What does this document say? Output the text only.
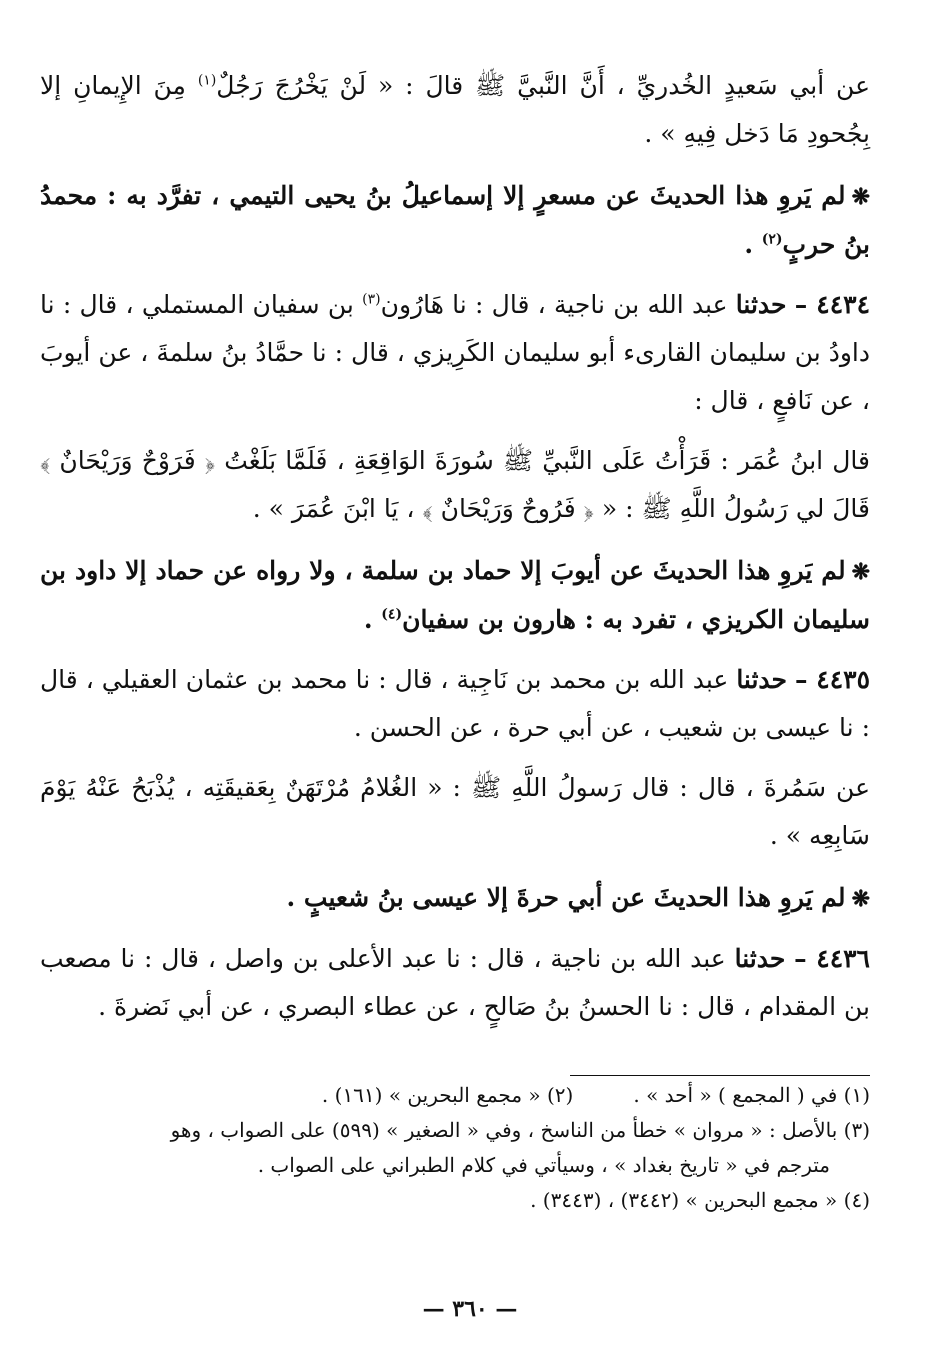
عن أبي سَعيدٍ الخُدريِّ ، أَنَّ النَّبيَّ ﷺ قالَ : « لَنْ يَخْرُجَ رَجُلٌ$^{(١)}$ مِنَ الإِيمانِ إلا بِجُحودِ مَا دَخل فِيهِ » .

❋لم يَروِ هذا الحديثَ عن مسعرٍ إلا إسماعيلُ بنُ يحيى التيمي ، تفرَّد به : محمدُ بنُ حربٍ$^{(٢)}$ .

٤٤٣٤ – حدثنا عبد الله بن ناجية ، قال : نا هَارُون$^{(٣)}$ بن سفيان المستملي ، قال : نا داودُ بن سليمان القارىء أبو سليمان الكَرِيزي ، قال : نا حمَّادُ بنُ سلمةَ ، عن أيوبَ ، عن نَافعٍ ، قال :

قال ابنُ عُمَر : قَرَأْتُ عَلَى النَّبيِّ ﷺ سُورَةَ الوَاقِعَةِ ، فَلَمَّا بَلَغْتُ ﴿ فَرَوْحٌ وَرَيْحَانٌ ﴾ قَالَ لي رَسُولُ اللَّهِ ﷺ : « ﴿ فَرُوحٌ وَرَيْحَانٌ ﴾ ، يَا ابْنَ عُمَرَ » .

❋لم يَروِ هذا الحديثَ عن أيوبَ إلا حماد بن سلمة ، ولا رواه عن حماد إلا داود بن سليمان الكريزي ، تفرد به : هارون بن سفيان$^{(٤)}$ .

٤٤٣٥ – حدثنا عبد الله بن محمد بن نَاجِية ، قال : نا محمد بن عثمان العقيلي ، قال : نا عيسى بن شعيب ، عن أبي حرة ، عن الحسن .

عن سَمُرةَ ، قال : قال رَسولُ اللَّهِ ﷺ : « الغُلامُ مُرْتَهَنٌ بِعَقيقَتِه ، يُذْبَحُ عَنْهُ يَوْمَ سَابِعِه » .

❋لم يَروِ هذا الحديثَ عن أبي حرةَ إلا عيسى بنُ شعيبٍ .

٤٤٣٦ – حدثنا عبد الله بن ناجية ، قال : نا عبد الأعلى بن واصل ، قال : نا مصعب بن المقدام ، قال : نا الحسنُ بنُ صَالحٍ ، عن عطاء البصري ، عن أبي نَضرةَ .

(١) في ( المجمع ) « أحد » .
(٢) « مجمع البحرين » (١٦١) .
(٣) بالأصل : « مروان » خطأ من الناسخ ، وفي « الصغير » (٥٩٩) على الصواب ، وهو
مترجم في « تاريخ بغداد » ، وسيأتي في كلام الطبراني على الصواب .
(٤) « مجمع البحرين » (٣٤٤٢) ، (٣٤٤٣) .
— ٣٦٠ —
